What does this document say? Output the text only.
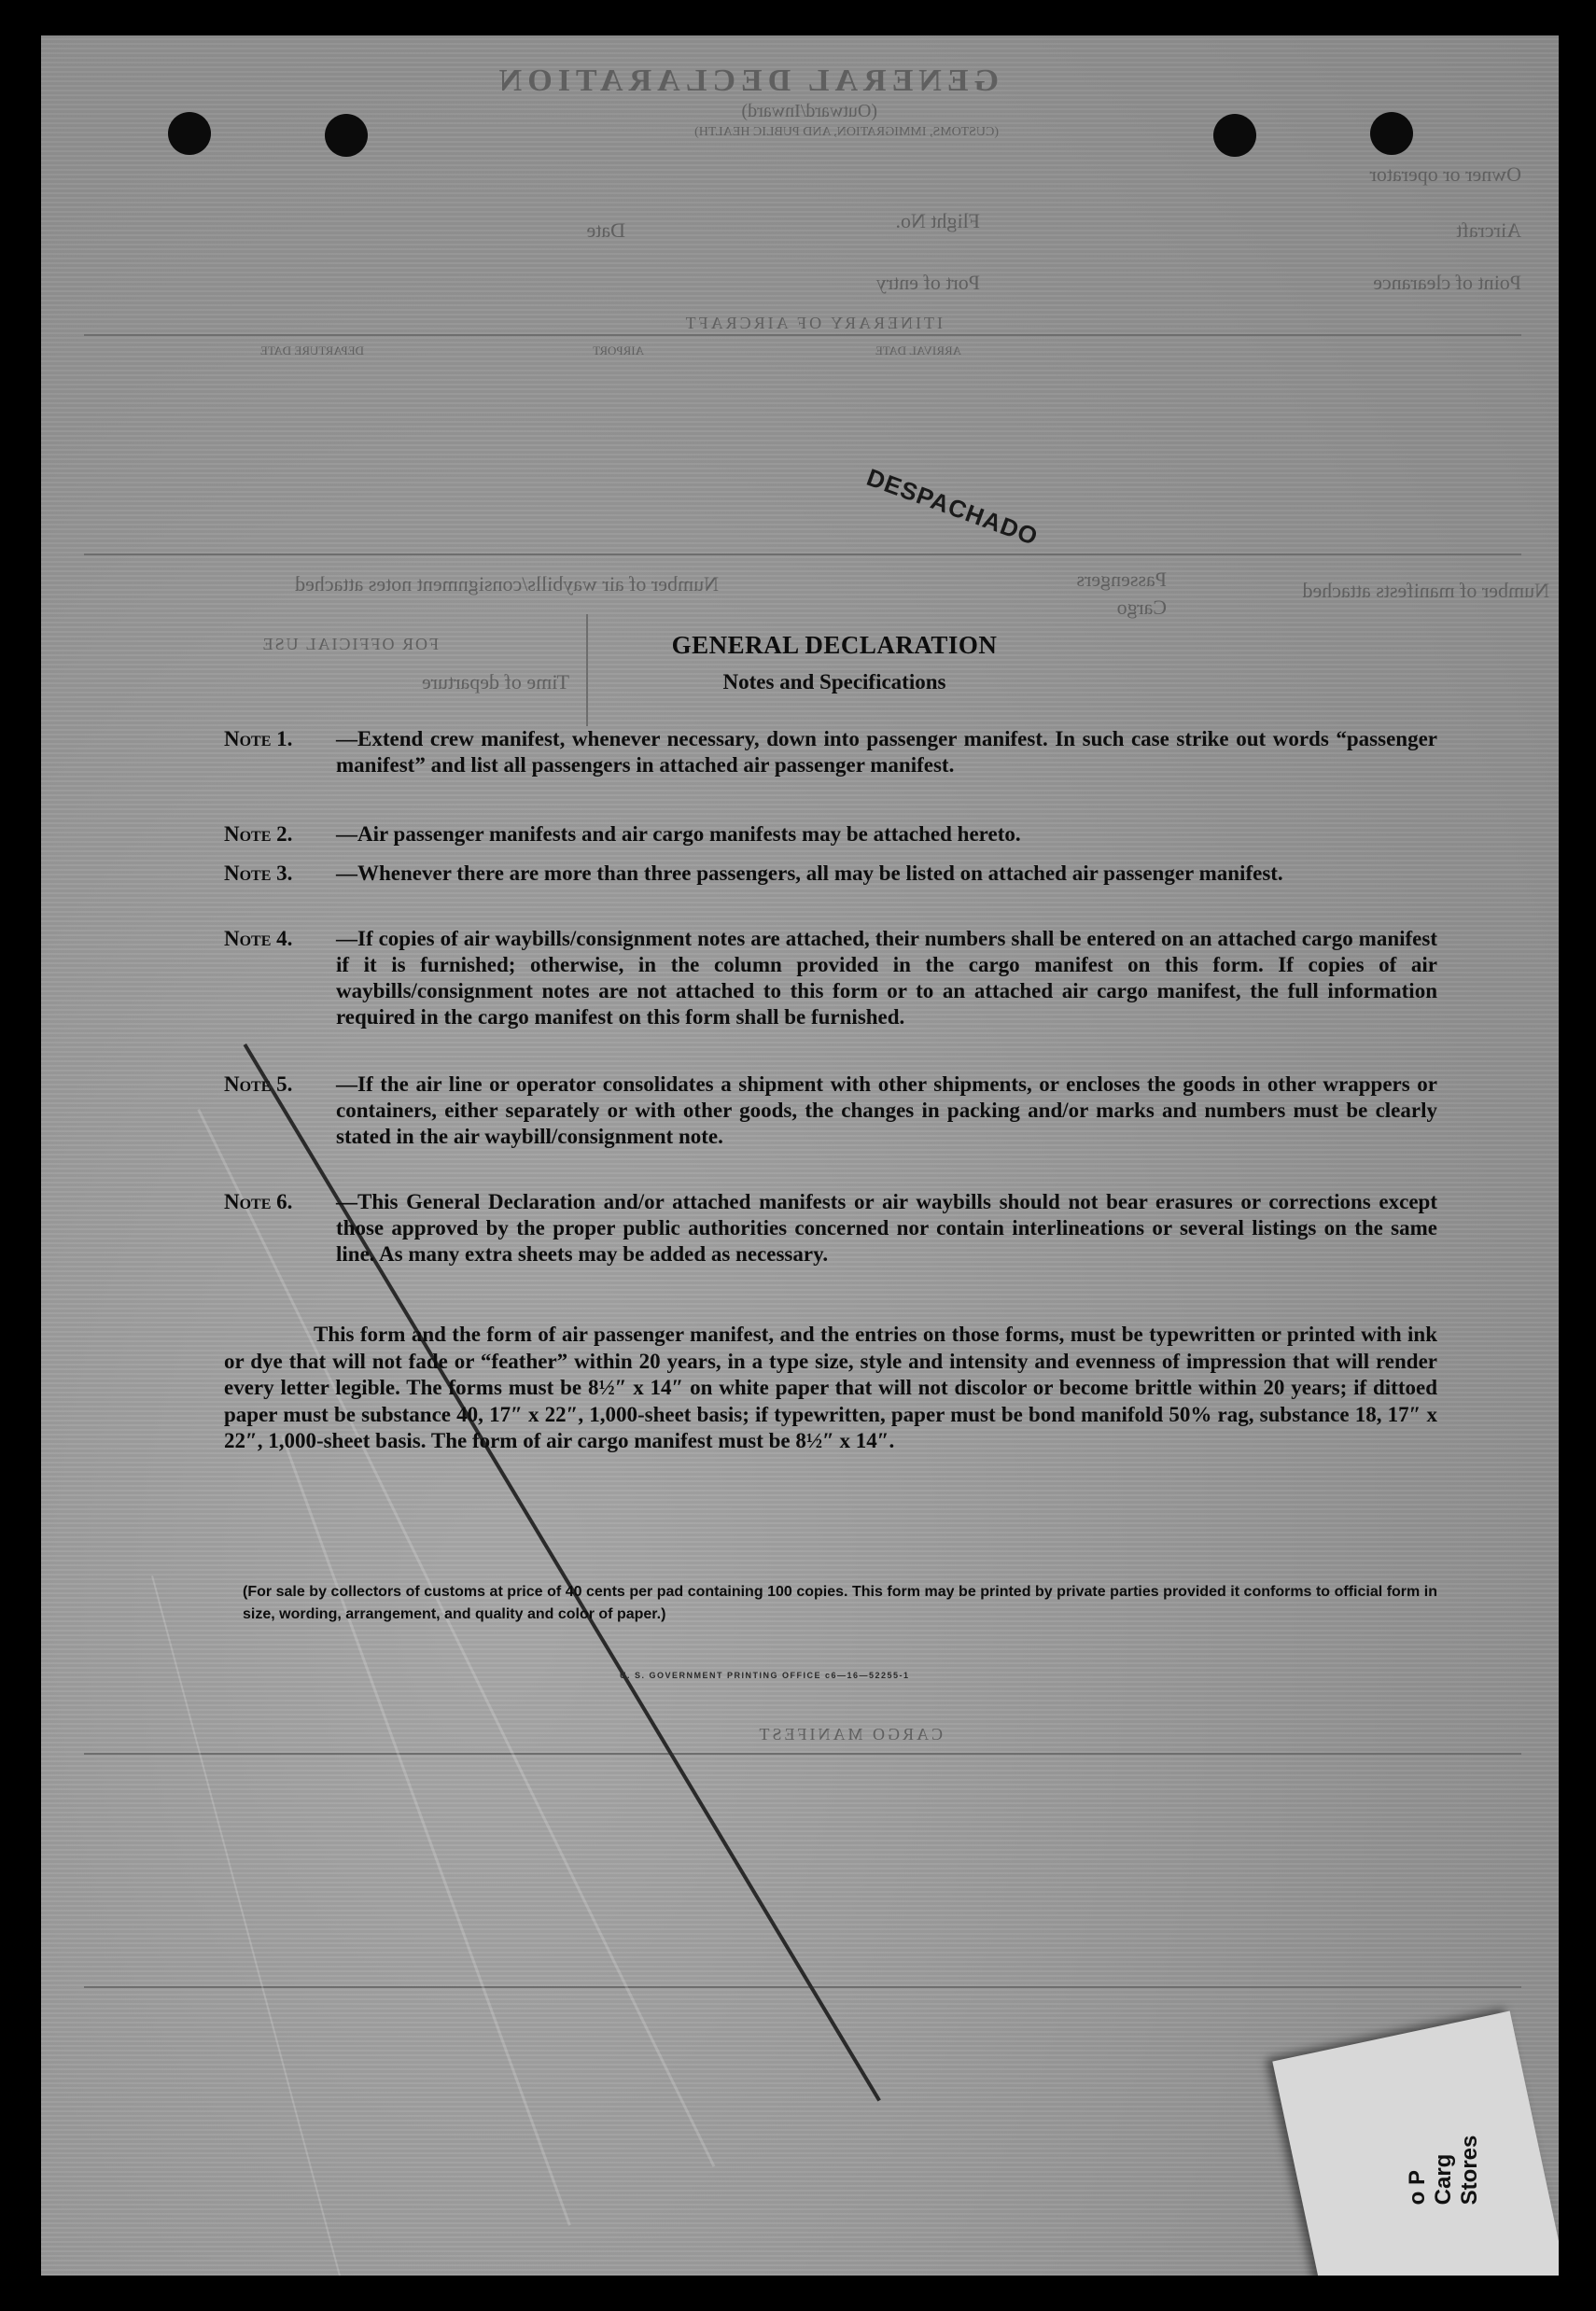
GENERAL DECLARATION
(Outward/Inward)
(CUSTOMS, IMMIGRATION, AND PUBLIC HEALTH)
Owner or operator
Aircraft
Date	Flight No.
Point of clearance
Port of entry
ITINERARY OF AIRCRAFT
DEPARTURE DATE	AIRPORT	ARRIVAL DATE
Number of manifests attached
Passengers
Cargo
Number of air waybills/consignment notes attached
FOR OFFICIAL USE
Time of departure
CARGO MANIFEST
DESPACHADO
GENERAL DECLARATION
Notes and Specifications
Note 1.	—Extend crew manifest, whenever necessary, down into passenger manifest. In such case strike out words “passenger manifest” and list all passengers in attached air passenger manifest.
Note 2.	—Air passenger manifests and air cargo manifests may be attached hereto.
Note 3.	—Whenever there are more than three passengers, all may be listed on attached air passenger manifest.
Note 4.	—If copies of air waybills/consignment notes are attached, their numbers shall be entered on an attached cargo manifest if it is furnished; otherwise, in the column provided in the cargo manifest on this form. If copies of air waybills/consignment notes are not attached to this form or to an attached air cargo manifest, the full information required in the cargo manifest on this form shall be furnished.
Note 5.	—If the air line or operator consolidates a shipment with other shipments, or encloses the goods in other wrappers or containers, either separately or with other goods, the changes in packing and/or marks and numbers must be clearly stated in the air waybill/consignment note.
Note 6.	—This General Declaration and/or attached manifests or air waybills should not bear erasures or corrections except those approved by the proper public authorities concerned nor contain interlineations or several listings on the same line. As many extra sheets may be added as necessary.
This form and the form of air passenger manifest, and the entries on those forms, must be typewritten or printed with ink or dye that will not fade or “feather” within 20 years, in a type size, style and intensity and evenness of impression that will render every letter legible. The forms must be 8½″ x 14″ on white paper that will not discolor or become brittle within 20 years; if dittoed paper must be substance 40, 17″ x 22″, 1,000-sheet basis; if typewritten, paper must be bond manifold 50% rag, substance 18, 17″ x 22″, 1,000-sheet basis. The form of air cargo manifest must be 8½″ x 14″.
(For sale by collectors of customs at price of 40 cents per pad containing 100 copies. This form may be printed by private parties provided it conforms to official form in size, wording, arrangement, and quality and color of paper.)
U. S. GOVERNMENT PRINTING OFFICE c6—16—52255-1
o P Carg Stores
